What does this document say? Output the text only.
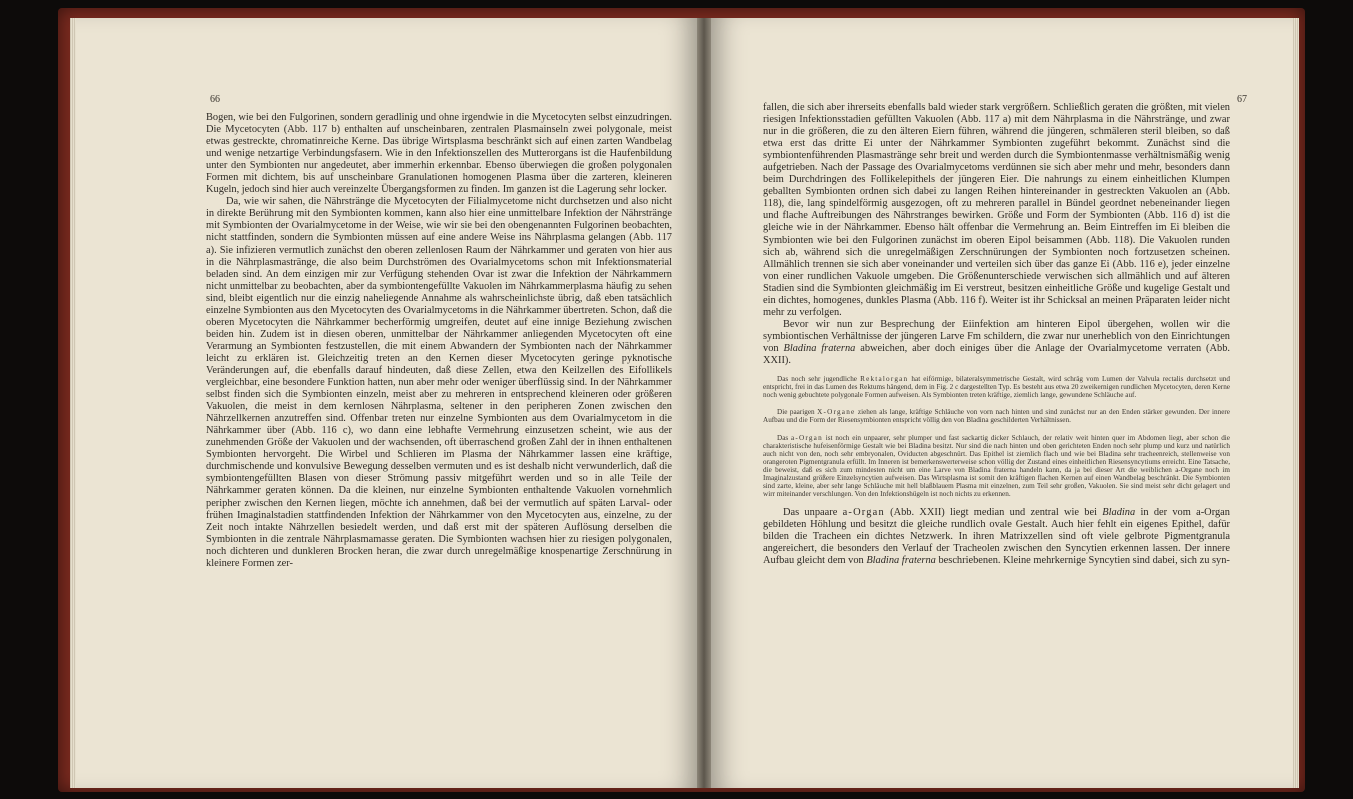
66

Bogen, wie bei den Fulgorinen, sondern geradlinig und ohne irgendwie in die Mycetocyten selbst einzudringen. Die Mycetocyten (Abb. 117 b) enthalten auf unscheinbaren, zentralen Plasmainseln zwei polygonale, meist etwas gestreckte, chromatinreiche Kerne. Das übrige Wirtsplasma beschränkt sich auf einen zarten Wandbelag und wenige netzartige Verbindungsfasern. Wie in den Infektionszellen des Mutterorgans ist die Haufenbildung unter den Symbionten nur angedeutet, aber immerhin erkennbar. Ebenso überwiegen die großen polygonalen Formen mit dichtem, bis auf unscheinbare Granulationen homogenen Plasma über die zarteren, kleineren Kugeln, jedoch sind hier auch vereinzelte Übergangsformen zu finden. Im ganzen ist die Lagerung sehr locker.

Da, wie wir sahen, die Nährstränge die Mycetocyten der Filialmycetome nicht durchsetzen und also nicht in direkte Berührung mit den Symbionten kommen, kann also hier eine unmittelbare Infektion der Nährstränge mit Symbionten der Ovarialmycetome in der Weise, wie wir sie bei den obengenannten Fulgorinen beobachten, nicht stattfinden, sondern die Symbionten müssen auf eine andere Weise ins Nährplasma gelangen (Abb. 117 a). Sie infizieren vermutlich zunächst den oberen zellenlosen Raum der Nährkammer und geraten von hier aus in die Nährplasmastränge, die also beim Durchströmen des Ovarialmycetoms schon mit Infektionsmaterial beladen sind. An dem einzigen mir zur Verfügung stehenden Ovar ist zwar die Infektion der Nährkammern nicht unmittelbar zu beobachten, aber da symbiontengefüllte Vakuolen im Nährkammerplasma häufig zu sehen sind, bleibt eigentlich nur die einzig naheliegende Annahme als wahrscheinlichste übrig, daß eben tatsächlich einzelne Symbionten aus den Mycetocyten des Ovarialmycetoms in die Nährkammer übertreten. Schon, daß die oberen Mycetocyten die Nährkammer becherförmig umgreifen, deutet auf eine innige Beziehung zwischen beiden hin. Zudem ist in diesen oberen, unmittelbar der Nährkammer anliegenden Mycetocyten oft eine Verarmung an Symbionten festzustellen, die mit einem Abwandern der Symbionten nach der Nährkammer leicht zu erklären ist. Gleichzeitig treten an den Kernen dieser Mycetocyten geringe pyknotische Veränderungen auf, die ebenfalls darauf hindeuten, daß diese Zellen, etwa den Keilzellen des Eifollikels vergleichbar, eine besondere Funktion hatten, nun aber mehr oder weniger überflüssig sind. In der Nährkammer selbst finden sich die Symbionten einzeln, meist aber zu mehreren in entsprechend kleineren oder größeren Vakuolen, die meist in dem kernlosen Nährplasma, seltener in den peripheren Zonen zwischen den Nährzellkernen anzutreffen sind. Offenbar treten nur einzelne Symbionten aus dem Ovarialmycetom in die Nährkammer über (Abb. 116 c), wo dann eine lebhafte Vermehrung einzusetzen scheint, wie aus der zunehmenden Größe der Vakuolen und der wachsenden, oft überraschend großen Zahl der in ihnen enthaltenen Symbionten hervorgeht. Die Wirbel und Schlieren im Plasma der Nährkammer lassen eine kräftige, durchmischende und konvulsive Bewegung desselben vermuten und es ist deshalb nicht verwunderlich, daß die symbiontengefüllten Blasen von dieser Strömung passiv mitgeführt werden und so in alle Teile der Nährkammer geraten können. Da die kleinen, nur einzelne Symbionten enthaltende Vakuolen vornehmlich peripher zwischen den Kernen liegen, möchte ich annehmen, daß bei der vermutlich auf späten Larval- oder frühen Imaginalstadien stattfindenden Infektion der Nährkammer von den Mycetocyten aus, einzelne, zu der Zeit noch intakte Nährzellen besiedelt werden, und daß erst mit der späteren Auflösung derselben die Symbionten in die zentrale Nährplasmamasse geraten. Die Symbionten wachsen hier zu riesigen polygonalen, noch dichteren und dunkleren Brocken heran, die zwar durch unregelmäßige knospenartige Zerschnürung in kleinere Formen zer-

67

fallen, die sich aber ihrerseits ebenfalls bald wieder stark vergrößern. Schließlich geraten die größten, mit vielen riesigen Infektionsstadien gefüllten Vakuolen (Abb. 117 a) mit dem Nährplasma in die Nährstränge, und zwar nur in die größeren, die zu den älteren Eiern führen, während die jüngeren, schmäleren steril bleiben, so daß etwa erst das dritte Ei unter der Nährkammer Symbionten zugeführt bekommt. Zunächst sind die symbiontenführenden Plasmastränge sehr breit und werden durch die Symbiontenmasse verhältnismäßig wenig aufgetrieben. Nach der Passage des Ovarialmycetoms verdünnen sie sich aber mehr und mehr, besonders dann beim Durchdringen des Follikelepithels der jüngeren Eier. Die nahrungs zu einem einheitlichen Klumpen geballten Symbionten ordnen sich dabei zu langen Reihen hintereinander in gestreckten Vakuolen an (Abb. 118), die, lang spindelförmig ausgezogen, oft zu mehreren parallel in Bündel geordnet nebeneinander liegen und flache Auftreibungen des Nährstranges bewirken. Größe und Form der Symbionten (Abb. 116 d) ist die gleiche wie in der Nährkammer. Ebenso hält offenbar die Vermehrung an. Beim Eintreffen im Ei bleiben die Symbionten wie bei den Fulgorinen zunächst im oberen Eipol beisammen (Abb. 118). Die Vakuolen runden sich ab, während sich die unregelmäßigen Zerschnürungen der Symbionten noch fortzusetzen scheinen. Allmählich trennen sie sich aber voneinander und verteilen sich über das ganze Ei (Abb. 116 e), jeder einzelne von einer rundlichen Vakuole umgeben. Die Größenunterschiede verwischen sich allmählich und auf älteren Stadien sind die Symbionten gleichmäßig im Ei verstreut, besitzen einheitliche Größe und kugelige Gestalt und ein dichtes, homogenes, dunkles Plasma (Abb. 116 f). Weiter ist ihr Schicksal an meinen Präparaten leider nicht mehr zu verfolgen.

Bevor wir nun zur Besprechung der Eiinfektion am hinteren Eipol übergehen, wollen wir die symbiontischen Verhältnisse der jüngeren Larve Fm schildern, die zwar nur unerheblich von den Einrichtungen von Bladina fraterna abweichen, aber doch einiges über die Anlage der Ovarialmycetome verraten (Abb. XXII).

Das noch sehr jugendliche Rektalorgan hat eiförmige, bilateralsymmetrische Gestalt, wird schräg vom Lumen der Valvula rectalis durchsetzt und entspricht, frei in das Lumen des Rektums hängend, dem in Fig. 2 c dargestellten Typ. Es besteht aus etwa 20 zweikernigen rundlichen Mycetocyten, deren Kerne noch wenig gebuchtete polygonale Formen aufweisen. Als Symbionten treten kräftige, ziemlich lange, gewundene Schläuche auf.

Die paarigen X-Organe ziehen als lange, kräftige Schläuche von vorn nach hinten und sind zunächst nur an den Enden stärker gewunden. Der innere Aufbau und die Form der Riesensymbionten entspricht völlig den von Bladina geschilderten Verhältnissen.

Das a-Organ ist noch ein unpaarer, sehr plumper und fast sackartig dicker Schlauch, der relativ weit hinten quer im Abdomen liegt, aber schon die charakteristische hufeisenförmige Gestalt wie bei Bladina besitzt. Nur sind die nach hinten und oben gerichteten Enden noch sehr plump und kurz und natürlich auch nicht von den, noch sehr embryonalen, Oviducten abgeschnürt. Das Epithel ist ziemlich flach und wie bei Bladina sehr tracheenreich, stellenweise von orangeroten Pigmentgranula erfüllt. Im Inneren ist bemerkenswerterweise schon völlig der Zustand eines einheitlichen Riesensyncytiums erreicht. Eine Tatsache, die beweist, daß es sich zum mindesten nicht um eine Larve von Bladina fraterna handeln kann, da ja bei dieser Art die weiblichen a-Organe noch im Imaginalzustand größere Einzelsyncytien aufweisen. Das Wirtsplasma ist somit den kräftigen flachen Kernen auf einen Wandbelag beschränkt. Die Symbionten sind zarte, kleine, aber sehr lange Schläuche mit hell blaßblauem Plasma mit einzelnen, zum Teil sehr großen, Vakuolen. Sie sind meist sehr dicht gelagert und wirr miteinander verschlungen. Von den Infektionshügeln ist noch nichts zu erkennen.

Das unpaare a-Organ (Abb. XXII) liegt median und zentral wie bei Bladina in der vom a-Organ gebildeten Höhlung und besitzt die gleiche rundlich ovale Gestalt. Auch hier fehlt ein eigenes Epithel, dafür bilden die Tracheen ein dichtes Netzwerk. In ihren Matrixzellen sind oft viele gelbrote Pigmentgranula angereichert, die besonders den Verlauf der Tracheolen zwischen den Syncytien erkennen lassen. Der innere Aufbau gleicht dem von Bladina fraterna beschriebenen. Kleine mehrkernige Syncytien sind dabei, sich zu syn-
